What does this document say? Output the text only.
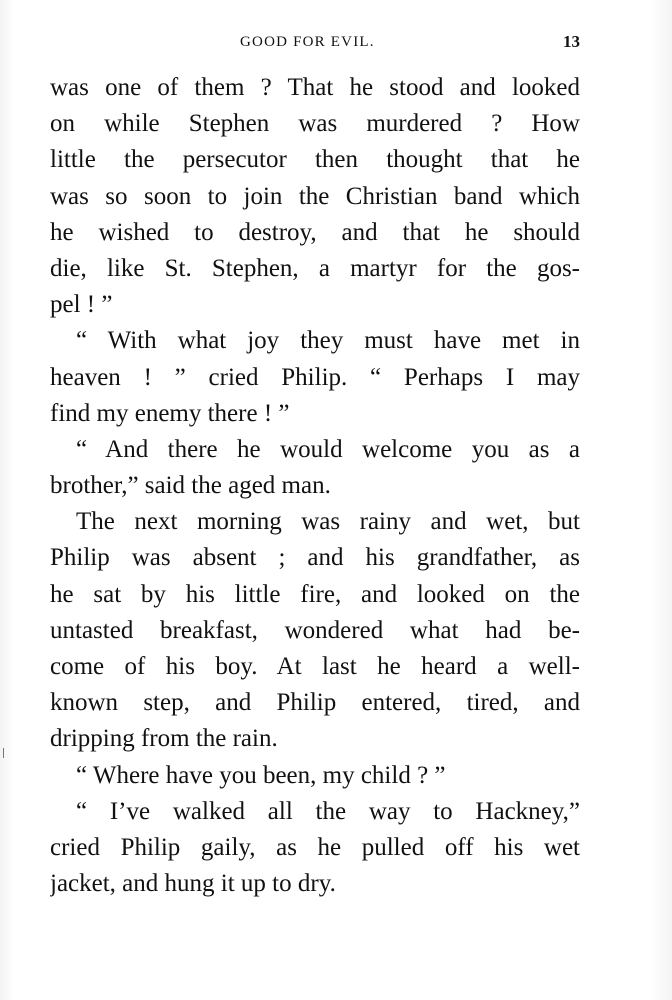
GOOD FOR EVIL.	13
was one of them ? That he stood and looked
on while Stephen was murdered ? How
little the persecutor then thought that he
was so soon to join the Christian band which
he wished to destroy, and that he should
die, like St. Stephen, a martyr for the gos-
pel ! ”
“ With what joy they must have met in
heaven ! ” cried Philip. “ Perhaps I may
find my enemy there ! ”
“ And there he would welcome you as a
brother,” said the aged man.
The next morning was rainy and wet, but
Philip was absent ; and his grandfather, as
he sat by his little fire, and looked on the
untasted breakfast, wondered what had be-
come of his boy. At last he heard a well-
known step, and Philip entered, tired, and
dripping from the rain.
“ Where have you been, my child ? ”
“ I’ve walked all the way to Hackney,”
cried Philip gaily, as he pulled off his wet
jacket, and hung it up to dry.
